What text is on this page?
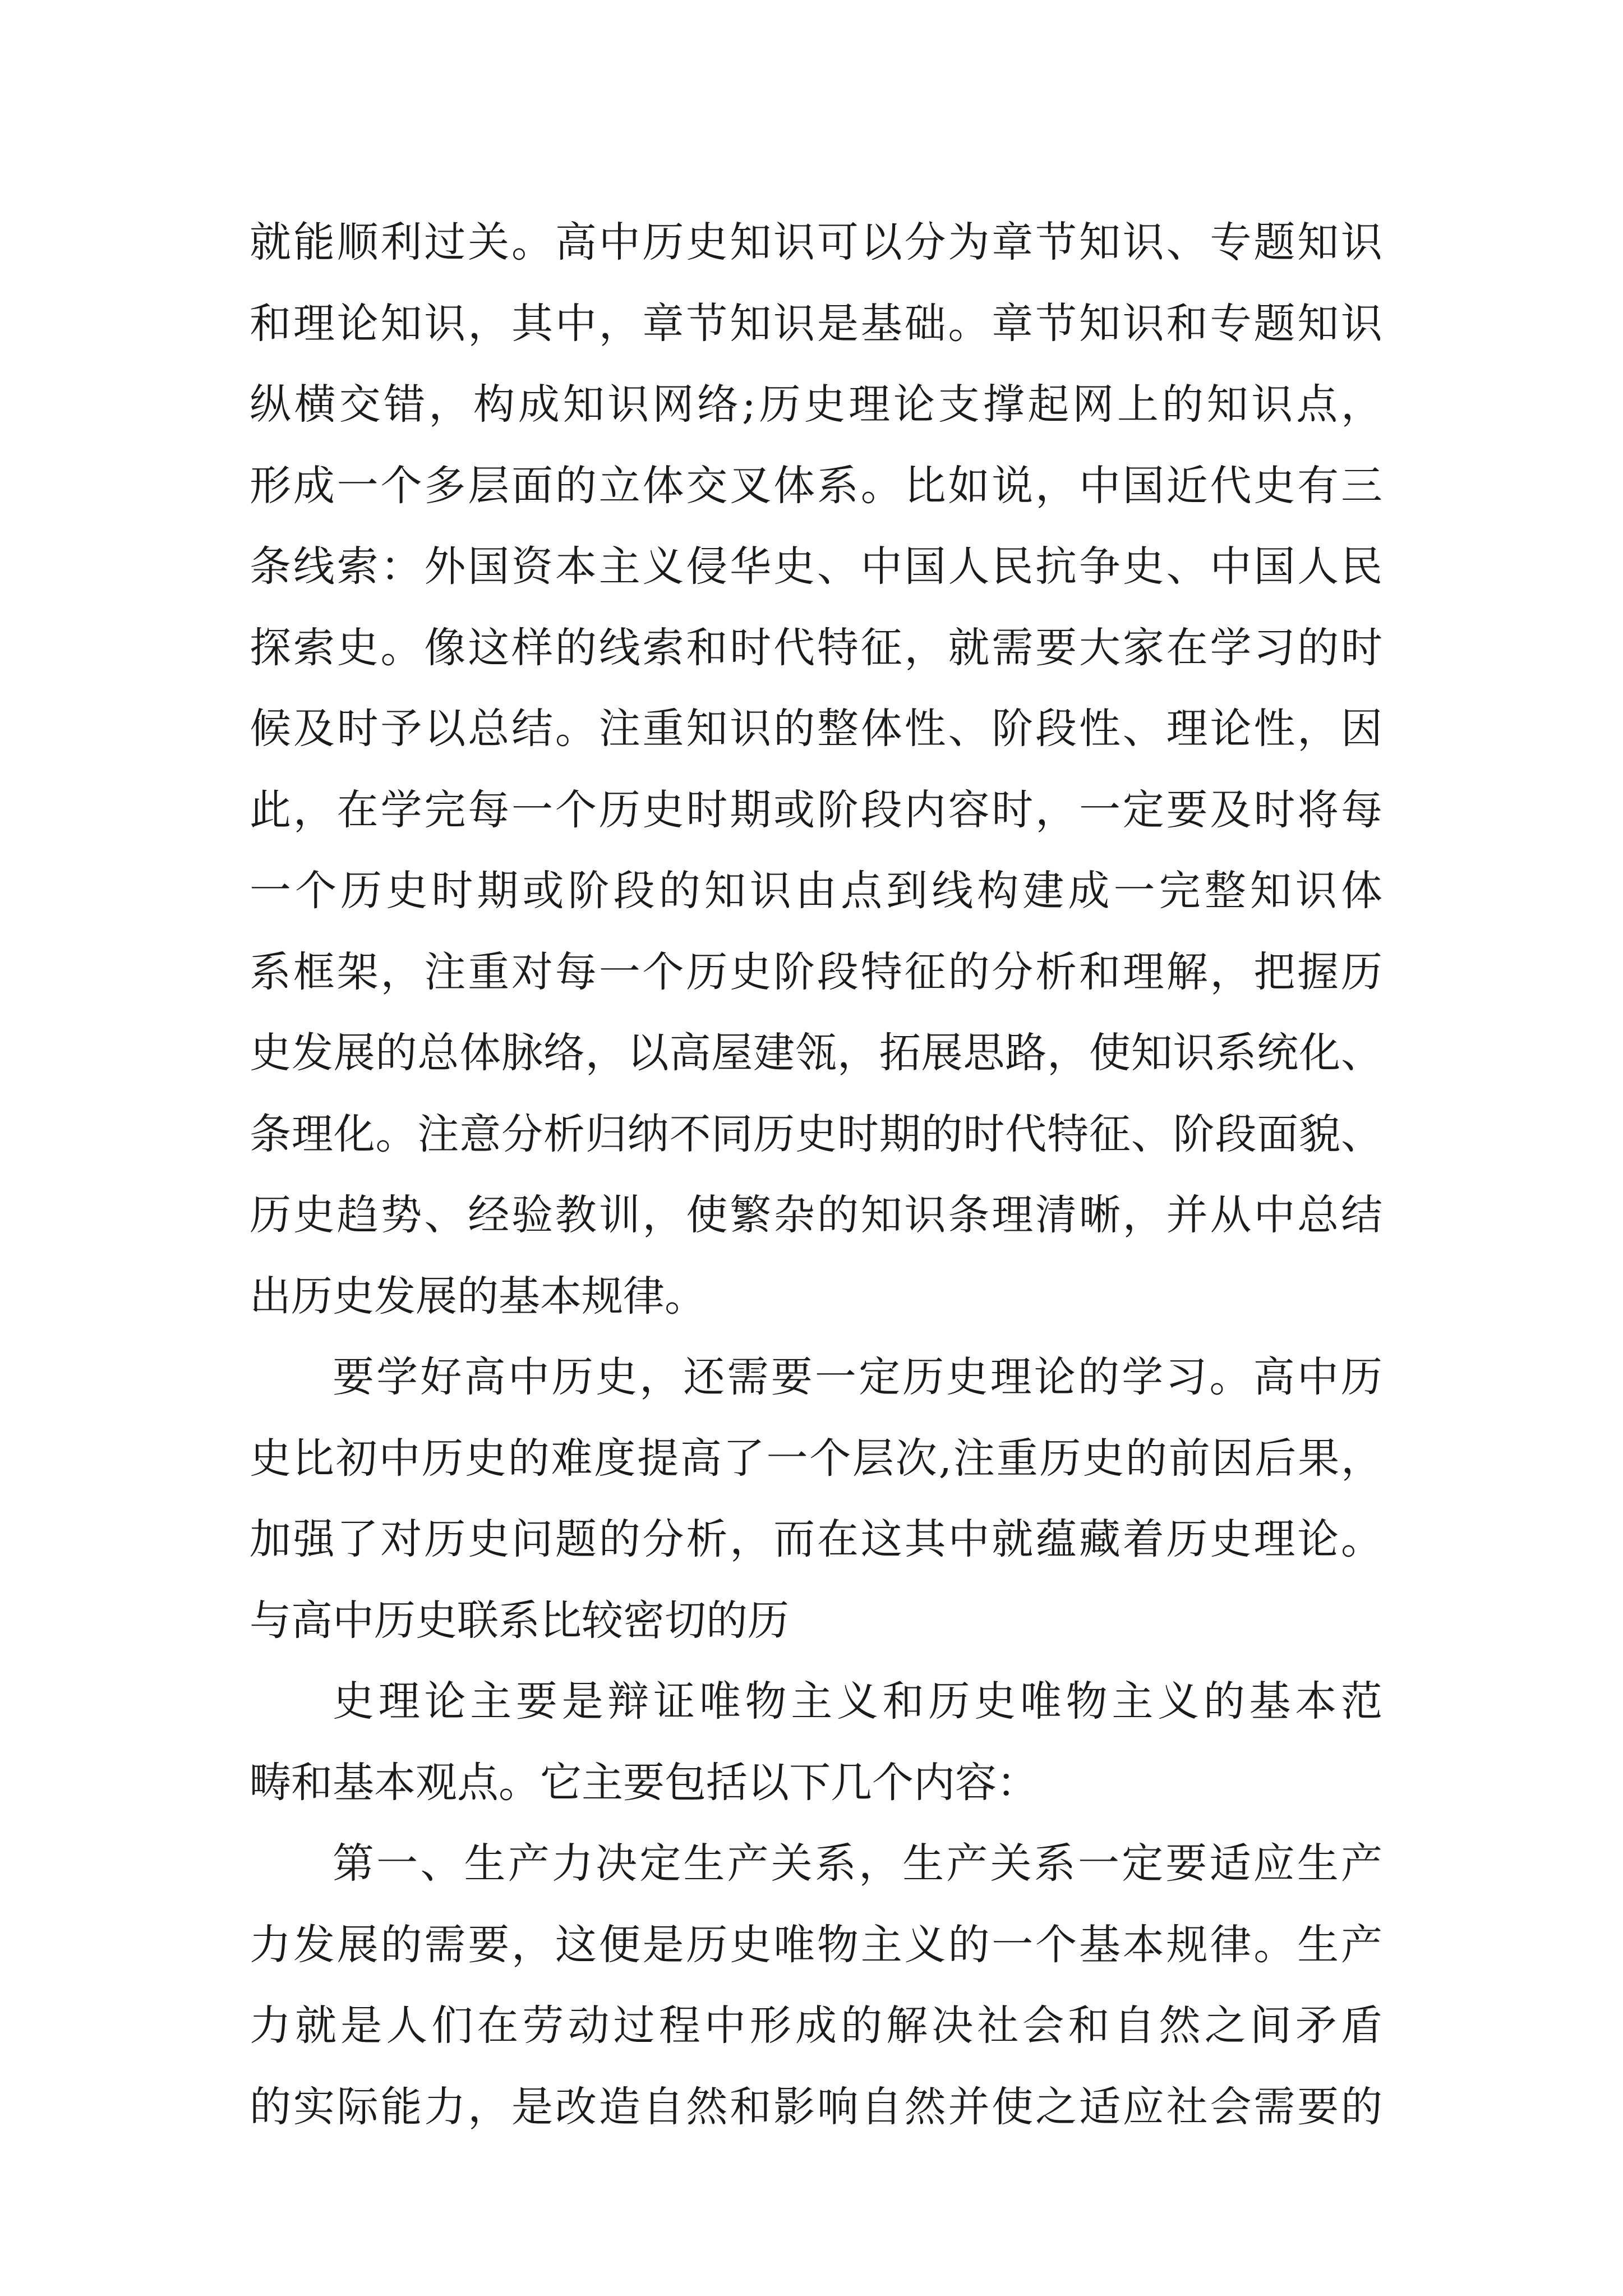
就能顺利过关。高中历史知识可以分为章节知识、专题知识
和理论知识，其中，章节知识是基础。章节知识和专题知识
纵横交错，构成知识网络;历史理论支撑起网上的知识点，
形成一个多层面的立体交叉体系。比如说，中国近代史有三
条线索：外国资本主义侵华史、中国人民抗争史、中国人民
探索史。像这样的线索和时代特征，就需要大家在学习的时
候及时予以总结。注重知识的整体性、阶段性、理论性，因
此，在学完每一个历史时期或阶段内容时，一定要及时将每
一个历史时期或阶段的知识由点到线构建成一完整知识体
系框架，注重对每一个历史阶段特征的分析和理解，把握历
史发展的总体脉络，以高屋建瓴，拓展思路，使知识系统化、
条理化。注意分析归纳不同历史时期的时代特征、阶段面貌、
历史趋势、经验教训，使繁杂的知识条理清晰，并从中总结
出历史发展的基本规律。
要学好高中历史，还需要一定历史理论的学习。高中历
史比初中历史的难度提高了一个层次,注重历史的前因后果，
加强了对历史问题的分析，而在这其中就蕴藏着历史理论。
与高中历史联系比较密切的历
史理论主要是辩证唯物主义和历史唯物主义的基本范
畴和基本观点。它主要包括以下几个内容：
第一、生产力决定生产关系，生产关系一定要适应生产
力发展的需要，这便是历史唯物主义的一个基本规律。生产
力就是人们在劳动过程中形成的解决社会和自然之间矛盾
的实际能力，是改造自然和影响自然并使之适应社会需要的
